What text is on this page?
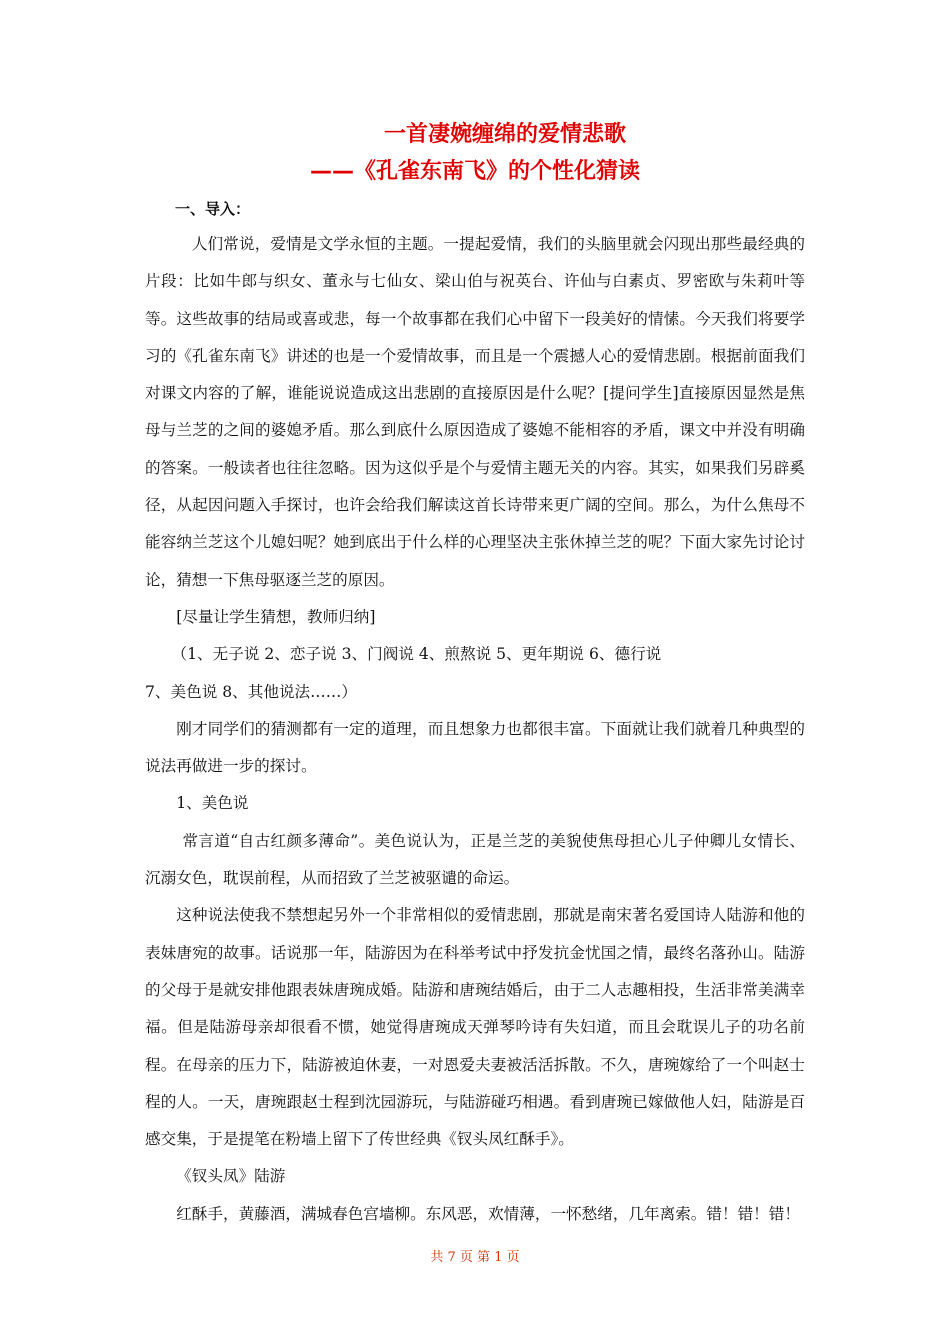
一首凄婉缠绵的爱情悲歌
——《孔雀东南飞》的个性化猜读
一、导入：

人们常说，爱情是文学永恒的主题。一提起爱情，我们的头脑里就会闪现出那些最经典的片段：比如牛郎与织女、董永与七仙女、梁山伯与祝英台、许仙与白素贞、罗密欧与朱莉叶等等。这些故事的结局或喜或悲，每一个故事都在我们心中留下一段美好的情愫。今天我们将要学习的《孔雀东南飞》讲述的也是一个爱情故事，而且是一个震撼人心的爱情悲剧。根据前面我们对课文内容的了解，谁能说说造成这出悲剧的直接原因是什么呢？[提问学生]直接原因显然是焦母与兰芝的之间的婆媳矛盾。那么到底什么原因造成了婆媳不能相容的矛盾，课文中并没有明确的答案。一般读者也往往忽略。因为这似乎是个与爱情主题无关的内容。其实，如果我们另辟奚径，从起因问题入手探讨，也许会给我们解读这首长诗带来更广阔的空间。那么，为什么焦母不能容纳兰芝这个儿媳妇呢？她到底出于什么样的心理坚决主张休掉兰芝的呢？下面大家先讨论讨论，猜想一下焦母驱逐兰芝的原因。

[尽量让学生猜想，教师归纳]

（1、无子说 2、恋子说 3、门阀说 4、煎熬说 5、更年期说 6、德行说

7、美色说 8、其他说法……）

刚才同学们的猜测都有一定的道理，而且想象力也都很丰富。下面就让我们就着几种典型的说法再做进一步的探讨。

1、美色说

常言道“自古红颜多薄命”。美色说认为，正是兰芝的美貌使焦母担心儿子仲卿儿女情长、沉溺女色，耽误前程，从而招致了兰芝被驱谴的命运。

这种说法使我不禁想起另外一个非常相似的爱情悲剧，那就是南宋著名爱国诗人陆游和他的表妹唐宛的故事。话说那一年，陆游因为在科举考试中抒发抗金忧国之情，最终名落孙山。陆游的父母于是就安排他跟表妹唐琬成婚。陆游和唐琬结婚后，由于二人志趣相投，生活非常美满幸福。但是陆游母亲却很看不惯，她觉得唐琬成天弹琴吟诗有失妇道，而且会耽误儿子的功名前程。在母亲的压力下，陆游被迫休妻，一对恩爱夫妻被活活拆散。不久，唐琬嫁给了一个叫赵士程的人。一天，唐琬跟赵士程到沈园游玩，与陆游碰巧相遇。看到唐琬已嫁做他人妇，陆游是百感交集，于是提笔在粉墙上留下了传世经典《钗头凤红酥手》。

《钗头凤》陆游

红酥手，黄藤酒，满城春色宫墙柳。东风恶，欢情薄，一怀愁绪，几年离索。错！错！错！

共 7 页 第 1 页
